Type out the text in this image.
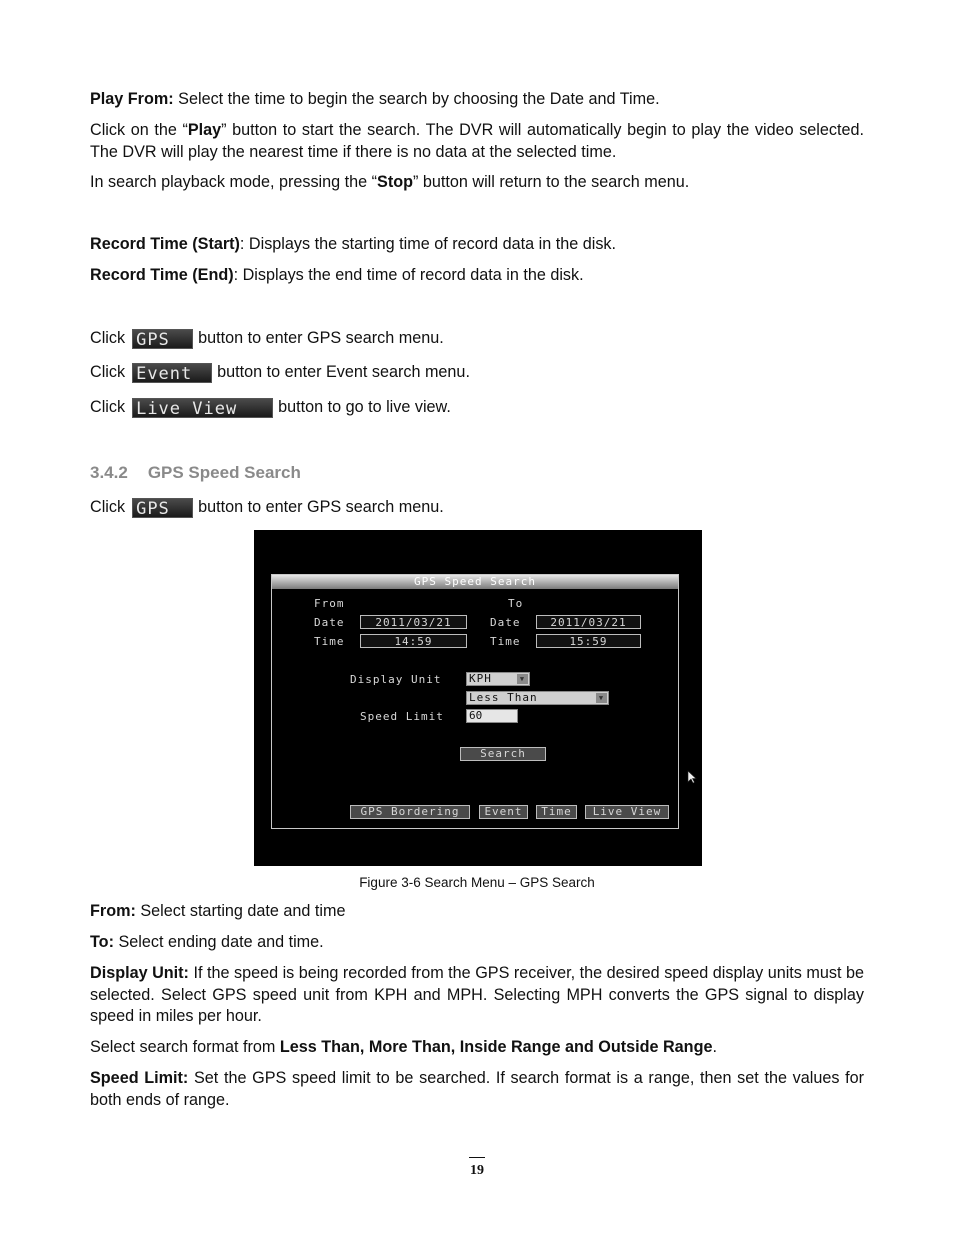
Play From: Select the time to begin the search by choosing the Date and Time.

Click on the “Play” button to start the search. The DVR will automatically begin to play the video selected. The DVR will play the nearest time if there is no data at the selected time.

In search playback mode, pressing the “Stop” button will return to the search menu.

Record Time (Start): Displays the starting time of record data in the disk.

Record Time (End): Displays the end time of record data in the disk.

Click GPS	button to enter GPS search menu.

Click Event	button to enter Event search menu.

Click Live View	button to go to live view.

3.4.2 GPS Speed Search

Click GPS	button to enter GPS search menu.

GPS Speed Search
From	To
Date	2011/03/21	Date	2011/03/21
Time	14:59	Time	15:59
Display Unit	KPH	▼
Less Than	▼
Speed Limit 60
Search
GPS Bordering	Event	Time	Live View
Figure 3-6 Search Menu – GPS Search

From: Select starting date and time

To: Select ending date and time.

Display Unit: If the speed is being recorded from the GPS receiver, the desired speed display units must be selected. Select GPS speed unit from KPH and MPH. Selecting MPH converts the GPS signal to display speed in miles per hour.

Select search format from Less Than, More Than, Inside Range and Outside Range.

Speed Limit: Set the GPS speed limit to be searched. If search format is a range, then set the values for both ends of range.

19
